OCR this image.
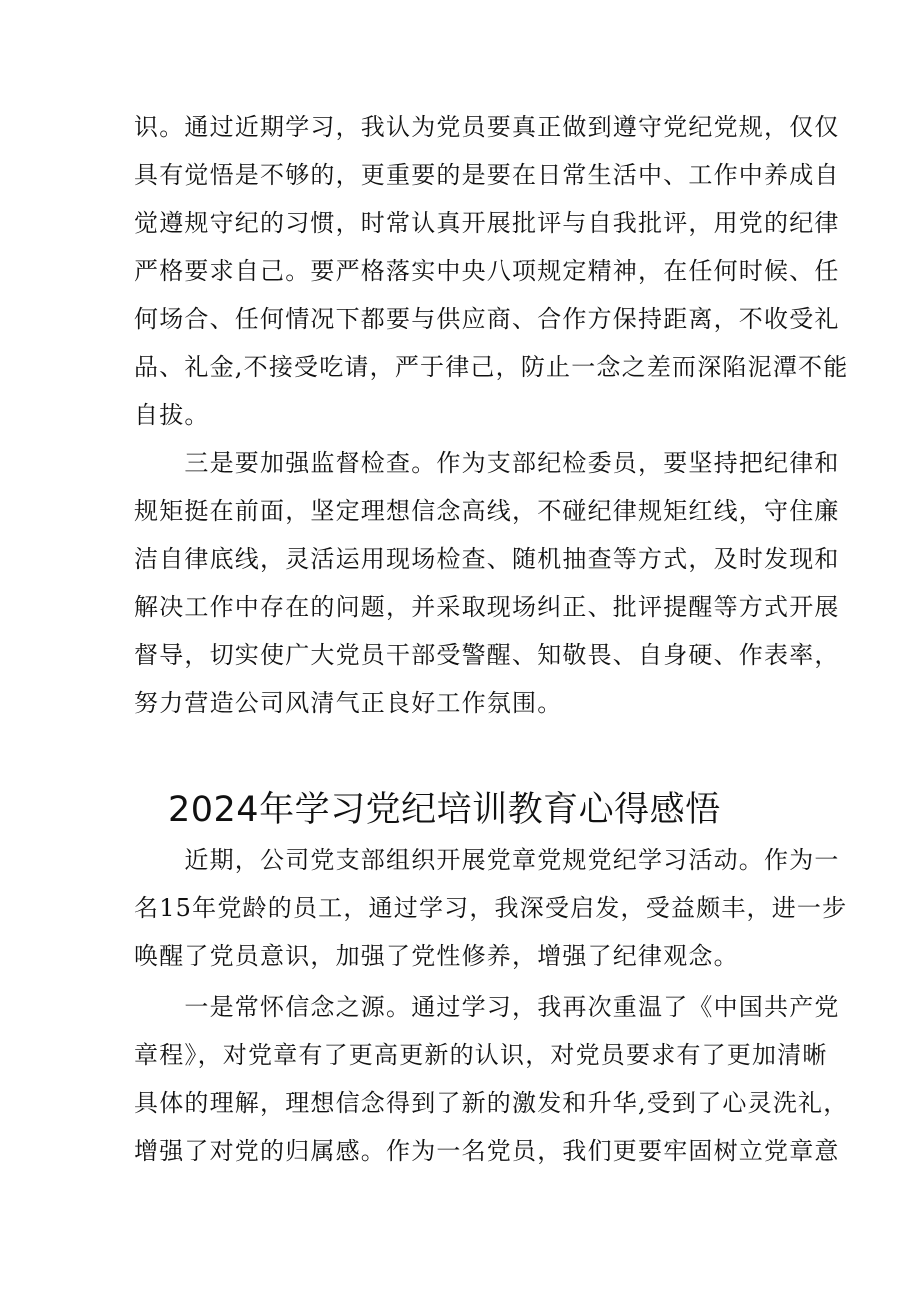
识。通过近期学习，我认为党员要真正做到遵守党纪党规，仅仅
具有觉悟是不够的，更重要的是要在日常生活中、工作中养成自
觉遵规守纪的习惯，时常认真开展批评与自我批评，用党的纪律
严格要求自己。要严格落实中央八项规定精神，在任何时候、任
何场合、任何情况下都要与供应商、合作方保持距离，不收受礼
品、礼金,不接受吃请，严于律己，防止一念之差而深陷泥潭不能
自拔。
　　三是要加强监督检查。作为支部纪检委员，要坚持把纪律和
规矩挺在前面，坚定理想信念高线，不碰纪律规矩红线，守住廉
洁自律底线，灵活运用现场检查、随机抽查等方式，及时发现和
解决工作中存在的问题，并采取现场纠正、批评提醒等方式开展
督导，切实使广大党员干部受警醒、知敬畏、自身硬、作表率，
努力营造公司风清气正良好工作氛围。
2024年学习党纪培训教育心得感悟
　　近期，公司党支部组织开展党章党规党纪学习活动。作为一
名15年党龄的员工，通过学习，我深受启发，受益颇丰，进一步
唤醒了党员意识，加强了党性修养，增强了纪律观念。
　　一是常怀信念之源。通过学习，我再次重温了《中国共产党
章程》，对党章有了更高更新的认识，对党员要求有了更加清晰
具体的理解，理想信念得到了新的激发和升华,受到了心灵洗礼，
增强了对党的归属感。作为一名党员，我们更要牢固树立党章意
